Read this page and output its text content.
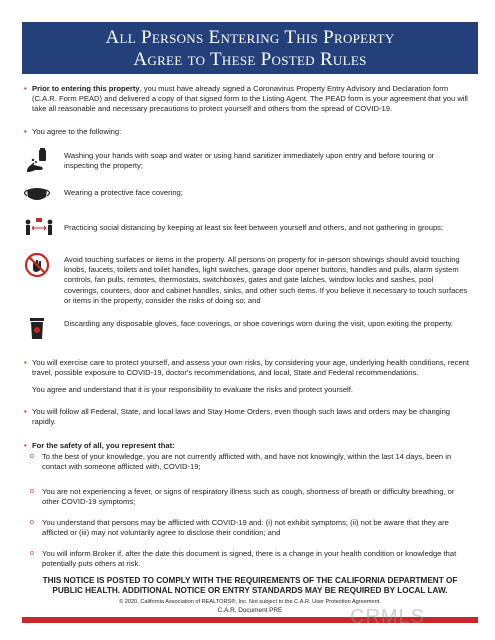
All Persons Entering This Property
Agree to These Posted Rules
• Prior to entering this property, you must have already signed a Coronavirus Property Entry Advisory and Declaration form (C.A.R. Form PEAD) and delivered a copy of that signed form to the Listing Agent. The PEAD form is your agreement that you will take all reasonable and necessary precautions to protect yourself and others from the spread of COVID-19.
• You agree to the following:
Washing your hands with soap and water or using hand sanitizer immediately upon entry and before touring or inspecting the property;
Wearing a protective face covering;
Practicing social distancing by keeping at least six feet between yourself and others, and not gathering in groups;
Avoid touching surfaces or items in the property. All persons on property for in-person showings should avoid touching knobs, faucets, toilets and toilet handles, light switches, garage door opener buttons, handles and pulls, alarm system controls, fan pulls, remotes, thermostats, switchboxes, gates and gate latches, window locks and sashes, pool coverings, counters, door and cabinet handles, sinks, and other such items. If you believe it necessary to touch surfaces or items in the property, consider the risks of doing so; and
Discarding any disposable gloves, face coverings, or shoe coverings worn during the visit, upon exiting the property.
• You will exercise care to protect yourself, and assess your own risks, by considering your age, underlying health conditions, recent travel, possible exposure to COVID-19, doctor's recommendations, and local, State and Federal recommendations.
You agree and understand that it is your responsibility to evaluate the risks and protect yourself.
• You will follow all Federal, State, and local laws and Stay Home Orders, even though such laws and orders may be changing rapidly.
• For the safety of all, you represent that:
o	To the best of your knowledge, you are not currently afflicted with, and have not knowingly, within the last 14 days, been in contact with someone afflicted with, COVID-19;
o	You are not experiencing a fever, or signs of respiratory illness such as cough, shortness of breath or difficulty breathing, or other COVID-19 symptoms;
o	You understand that persons may be afflicted with COVID-19 and: (i) not exhibit symptoms; (ii) not be aware that they are afflicted or (iii) may not voluntarily agree to disclose their condition; and
o	You will inform Broker if, after the date this document is signed, there is a change in your health condition or knowledge that potentially puts others at risk.
THIS NOTICE IS POSTED TO COMPLY WITH THE REQUIREMENTS OF THE CALIFORNIA DEPARTMENT OF
PUBLIC HEALTH. ADDITIONAL NOTICE OR ENTRY STANDARDS MAY BE REQUIRED BY LOCAL LAW.
© 2020, California Association of REALTORS®, Inc. Not subject to the C.A.R. User Protection Agreement.
C.A.R. Document PRE	CRMLS
